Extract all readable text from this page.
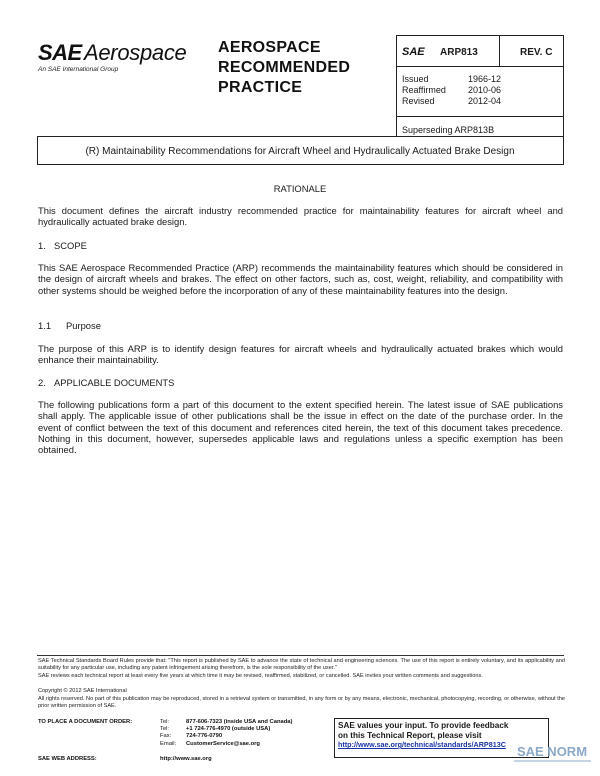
SAE Aerospace
An SAE International Group
AEROSPACE
RECOMMENDED
PRACTICE
SAE ARP813	REV. C
Issued	1966-12
Reaffirmed 2010-06
Revised	2012-04
Superseding ARP813B
(R) Maintainability Recommendations for Aircraft Wheel and Hydraulically Actuated Brake Design
RATIONALE
This document defines the aircraft industry recommended practice for maintainability features for aircraft wheel and hydraulically actuated brake design.
1. SCOPE
This SAE Aerospace Recommended Practice (ARP) recommends the maintainability features which should be considered in the design of aircraft wheels and brakes. The effect on other factors, such as, cost, weight, reliability, and compatibility with other systems should be weighed before the incorporation of any of these maintainability features into the design.
1.1 Purpose
The purpose of this ARP is to identify design features for aircraft wheels and hydraulically actuated brakes which would enhance their maintainability.
2. APPLICABLE DOCUMENTS
The following publications form a part of this document to the extent specified herein. The latest issue of SAE publications shall apply. The applicable issue of other publications shall be the issue in effect on the date of the purchase order. In the event of conflict between the text of this document and references cited herein, the text of this document takes precedence. Nothing in this document, however, supersedes applicable laws and regulations unless a specific exemption has been obtained.
SAE Technical Standards Board Rules provide that: "This report is published by SAE to advance the state of technical and engineering sciences. The use of this report is entirely voluntary, and its applicability and suitability for any particular use, including any patent infringement arising therefrom, is the sole responsibility of the user."
SAE reviews each technical report at least every five years at which time it may be revised, reaffirmed, stabilized, or cancelled. SAE invites your written comments and suggestions.
Copyright © 2012 SAE International
All rights reserved. No part of this publication may be reproduced, stored in a retrieval system or transmitted, in any form or by any means, electronic, mechanical, photocopying, recording, or otherwise, without the prior written permission of SAE.
TO PLACE A DOCUMENT ORDER:	Tel:	877-606-7323 (inside USA and Canada)
Tel:	+1 724-776-4970 (outside USA)
Fax:	724-776-0790
Email: CustomerService@sae.org
SAE WEB ADDRESS:	http://www.sae.org
SAE values your input. To provide feedback
on this Technical Report, please visit
http://www.sae.org/technical/standards/ARP813C SAE NORM
